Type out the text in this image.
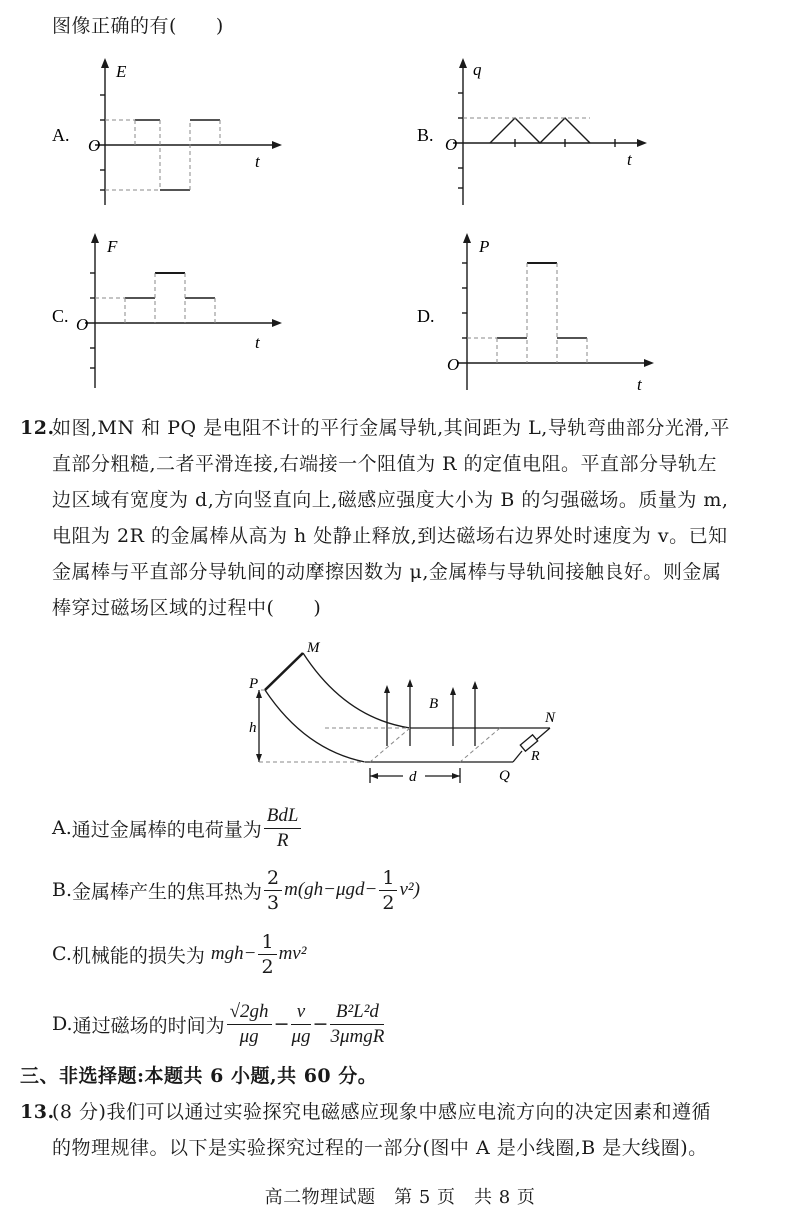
图像正确的有(　　)
E
O
t
A.
q
O
t
B.
F
O
t
C.
P
O
t
D.
12.
如图,MN 和 PQ 是电阻不计的平行金属导轨,其间距为 L,导轨弯曲部分光滑,平
直部分粗糙,二者平滑连接,右端接一个阻值为 R 的定值电阻。平直部分导轨左
边区域有宽度为 d,方向竖直向上,磁感应强度大小为 B 的匀强磁场。质量为 m,
电阻为 2R 的金属棒从高为 h 处静止释放,到达磁场右边界处时速度为 v。已知
金属棒与平直部分导轨间的动摩擦因数为 μ,金属棒与导轨间接触良好。则金属
棒穿过磁场区域的过程中(　　)
M
P
N
Q
h
B
d
R
A. 通过金属棒的电荷量为 $\frac{\text{BdL}}{R}$
B. 金属棒产生的焦耳热为 $\frac{2}{3} m(gh-\mu gd- \frac{1}{2} v^2)$
C. 机械能的损失为 $mgh- \frac{1}{2} mv^2$
D. 通过磁场的时间为 $\frac{√2gh}{\mu g} - \frac{v}{\mu g} - \frac{\text{B²L²d}}{\text{3μmgR}}$
三、非选择题:本题共 6 小题,共 60 分。
13.
(8 分)我们可以通过实验探究电磁感应现象中感应电流方向的决定因素和遵循
的物理规律。以下是实验探究过程的一部分(图中 A 是小线圈,B 是大线圈)。
高二物理试题　第 5 页　共 8 页
